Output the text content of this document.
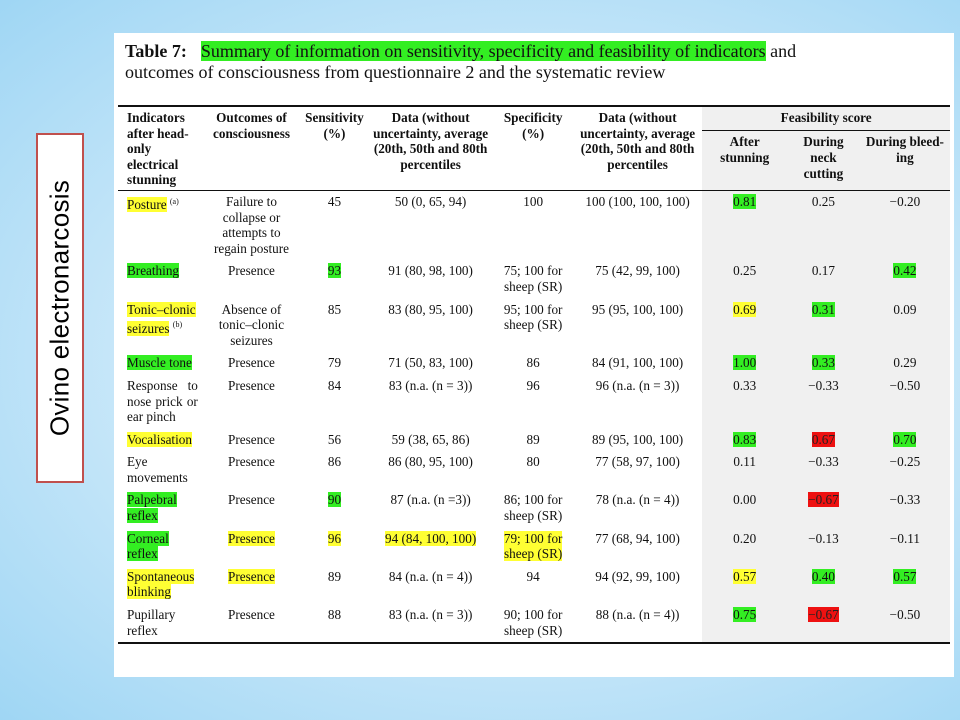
Ovino electronarcosis
Table 7: Summary of information on sensitivity, specificity and feasibility of indicators and
outcomes of consciousness from questionnaire 2 and the systematic review
Indicators after head-only electrical stunning	Outcomes of consciousness	Sensitivity (%)	Data (without uncertainty, average (20th, 50th and 80th percentiles	Specificity (%)	Data (without uncertainty, average (20th, 50th and 80th percentiles	Feasibility score		
						After stunning	During neck cutting	During bleed-ing
Posture $^{(a)}$	Failure to collapse or attempts to regain posture	45	50 (0, 65, 94)	100	100 (100, 100, 100)	0.81	0.25	−0.20
Breathing	Presence	93	91 (80, 98, 100)	75; 100 for sheep (SR)	75 (42, 99, 100)	0.25	0.17	0.42
Tonic–clonic seizures $^{(b)}$	Absence of tonic–clonic seizures	85	83 (80, 95, 100)	95; 100 for sheep (SR)	95 (95, 100, 100)	0.69	0.31	0.09
Muscle tone	Presence	79	71 (50, 83, 100)	86	84 (91, 100, 100)	1.00	0.33	0.29
Response to nose prick or ear pinch	Presence	84	83 (n.a. (n = 3))	96	96 (n.a. (n = 3))	0.33	−0.33	−0.50
Vocalisation	Presence	56	59 (38, 65, 86)	89	89 (95, 100, 100)	0.83	0.67	0.70
Eye movements	Presence	86	86 (80, 95, 100)	80	77 (58, 97, 100)	0.11	−0.33	−0.25
Palpebral reflex	Presence	90	87 (n.a. (n =3))	86; 100 for sheep (SR)	78 (n.a. (n = 4))	0.00	−0.67	−0.33
Corneal reflex	Presence	96	94 (84, 100, 100)	79; 100 for sheep (SR)	77 (68, 94, 100)	0.20	−0.13	−0.11
Spontaneous blinking	Presence	89	84 (n.a. (n = 4))	94	94 (92, 99, 100)	0.57	0.40	0.57
Pupillary reflex	Presence	88	83 (n.a. (n = 3))	90; 100 for sheep (SR)	88 (n.a. (n = 4))	0.75	−0.67	−0.50
